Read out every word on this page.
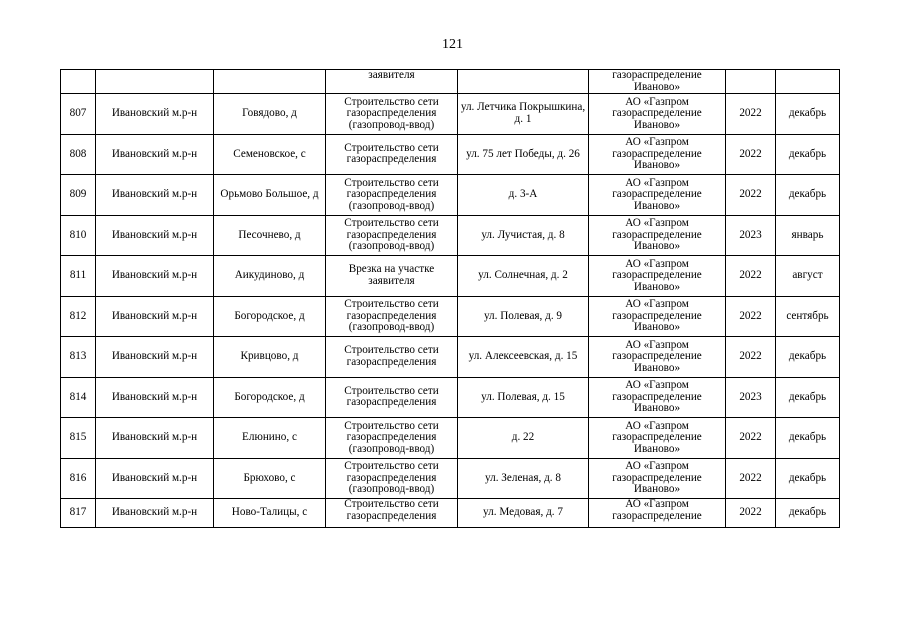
121
			заявителя		газораспределение Иваново»		
807	Ивановский м.р-н	Говядово, д	Строительство сети газораспределения (газопровод-ввод)	ул. Летчика Покрышкина, д. 1	АО «Газпром газораспределение Иваново»	2022	декабрь
808	Ивановский м.р-н	Семеновское, с	Строительство сети газораспределения	ул. 75 лет Победы, д. 26	АО «Газпром газораспределение Иваново»	2022	декабрь
809	Ивановский м.р-н	Орьмово Большое, д	Строительство сети газораспределения (газопровод-ввод)	д. 3-А	АО «Газпром газораспределение Иваново»	2022	декабрь
810	Ивановский м.р-н	Песочнево, д	Строительство сети газораспределения (газопровод-ввод)	ул. Лучистая, д. 8	АО «Газпром газораспределение Иваново»	2023	январь
811	Ивановский м.р-н	Аикудиново, д	Врезка на участке заявителя	ул. Солнечная, д. 2	АО «Газпром газораспределение Иваново»	2022	август
812	Ивановский м.р-н	Богородское, д	Строительство сети газораспределения (газопровод-ввод)	ул. Полевая, д. 9	АО «Газпром газораспределение Иваново»	2022	сентябрь
813	Ивановский м.р-н	Кривцово, д	Строительство сети газораспределения	ул. Алексеевская, д. 15	АО «Газпром газораспределение Иваново»	2022	декабрь
814	Ивановский м.р-н	Богородское, д	Строительство сети газораспределения	ул. Полевая, д. 15	АО «Газпром газораспределение Иваново»	2023	декабрь
815	Ивановский м.р-н	Елюнино, с	Строительство сети газораспределения (газопровод-ввод)	д. 22	АО «Газпром газораспределение Иваново»	2022	декабрь
816	Ивановский м.р-н	Брюхово, с	Строительство сети газораспределения (газопровод-ввод)	ул. Зеленая, д. 8	АО «Газпром газораспределение Иваново»	2022	декабрь
817	Ивановский м.р-н	Ново-Талицы, с	Строительство сети газораспределения	ул. Медовая, д. 7	АО «Газпром газораспределение	2022	декабрь
